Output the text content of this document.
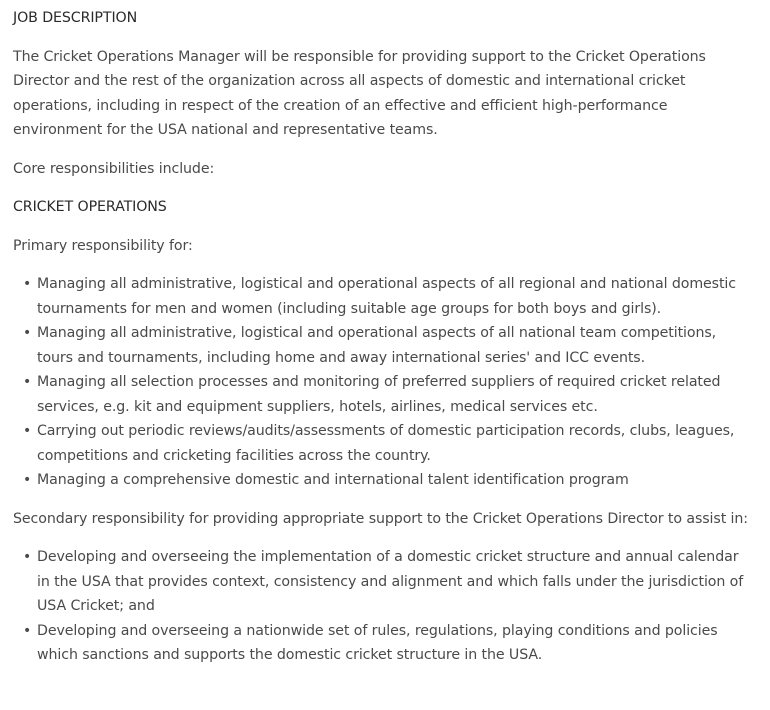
JOB DESCRIPTION

The Cricket Operations Manager will be responsible for providing support to the Cricket Operations Director and the rest of the organization across all aspects of domestic and international cricket operations, including in respect of the creation of an effective and efficient high-performance environment for the USA national and representative teams.

Core responsibilities include:

CRICKET OPERATIONS

Primary responsibility for:

• Managing all administrative, logistical and operational aspects of all regional and national domestic tournaments for men and women (including suitable age groups for both boys and girls).
• Managing all administrative, logistical and operational aspects of all national team competitions, tours and tournaments, including home and away international series' and ICC events.
• Managing all selection processes and monitoring of preferred suppliers of required cricket related services, e.g. kit and equipment suppliers, hotels, airlines, medical services etc.
• Carrying out periodic reviews/audits/assessments of domestic participation records, clubs, leagues, competitions and cricketing facilities across the country.
• Managing a comprehensive domestic and international talent identification program

Secondary responsibility for providing appropriate support to the Cricket Operations Director to assist in:

• Developing and overseeing the implementation of a domestic cricket structure and annual calendar in the USA that provides context, consistency and alignment and which falls under the jurisdiction of USA Cricket; and
• Developing and overseeing a nationwide set of rules, regulations, playing conditions and policies which sanctions and supports the domestic cricket structure in the USA.
